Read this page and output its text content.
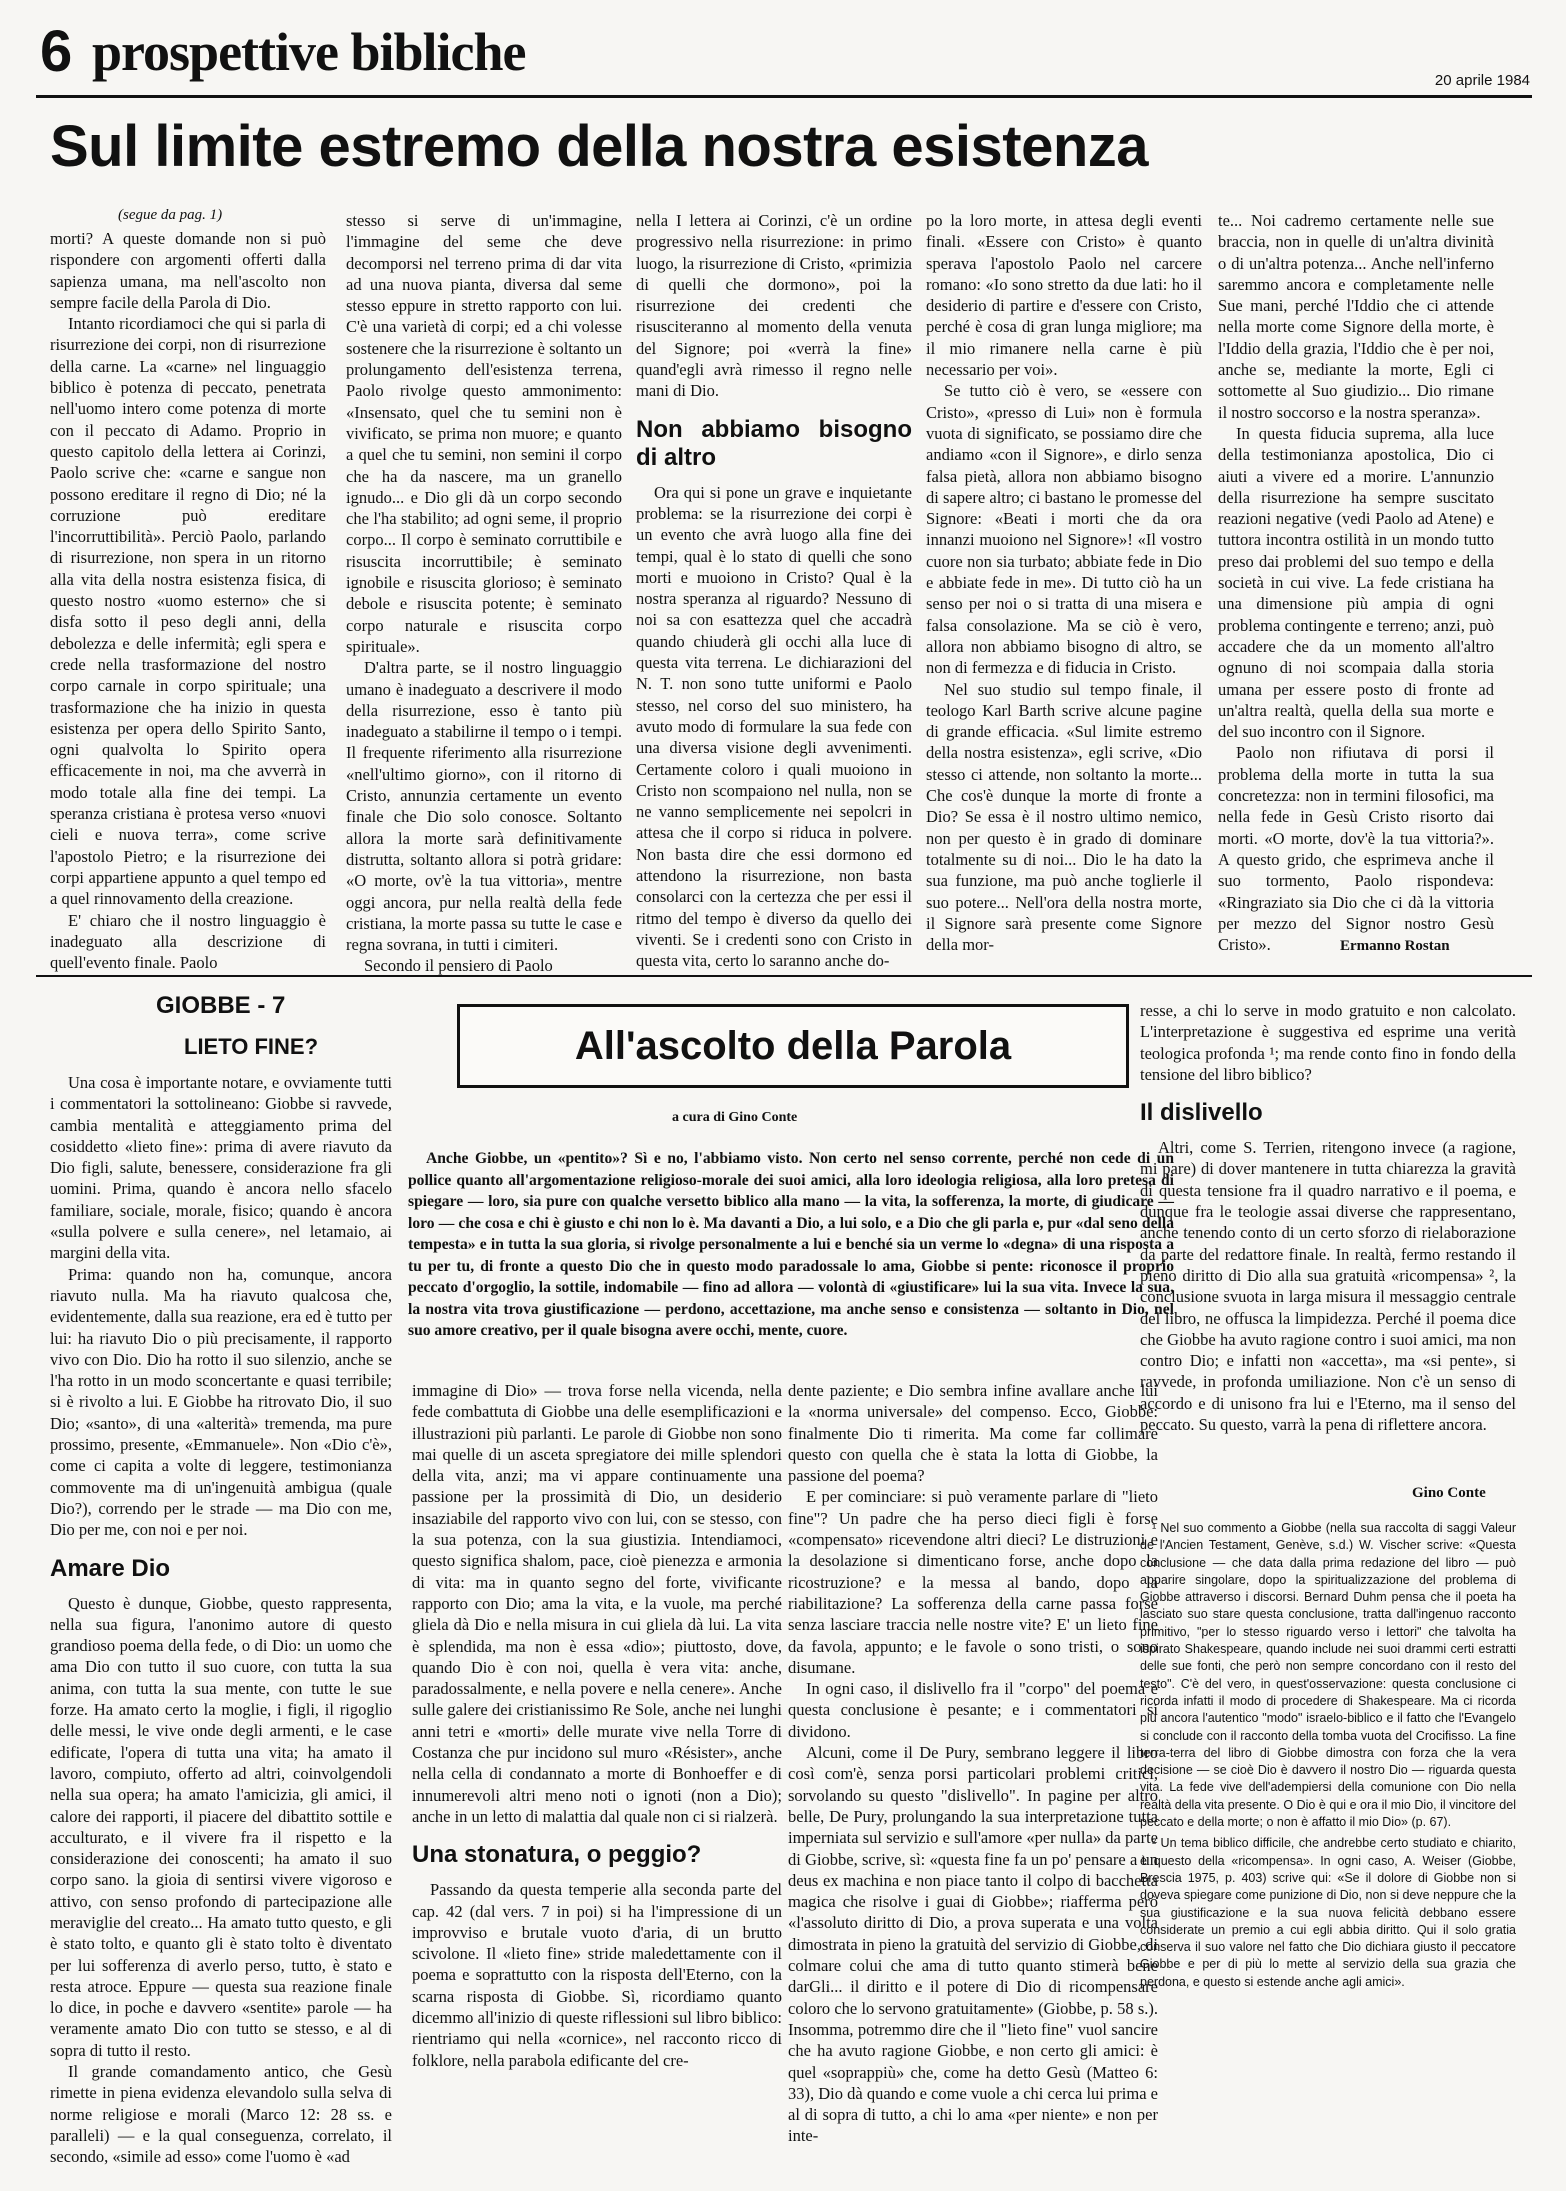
6 prospettive bibliche	20 aprile 1984
Sul limite estremo della nostra esistenza
(segue da pag. 1)

morti? A queste domande non si può rispondere con argomenti offerti dalla sapienza umana, ma nell'ascolto non sempre facile della Parola di Dio.

Intanto ricordiamoci che qui si parla di risurrezione dei corpi, non di risurrezione della carne. La «carne» nel linguaggio biblico è potenza di peccato, penetrata nell'uomo intero come potenza di morte con il peccato di Adamo. Proprio in questo capitolo della lettera ai Corinzi, Paolo scrive che: «carne e sangue non possono ereditare il regno di Dio; né la corruzione può ereditare l'incorruttibilità». Perciò Paolo, parlando di risurrezione, non spera in un ritorno alla vita della nostra esistenza fisica, di questo nostro «uomo esterno» che si disfa sotto il peso degli anni, della debolezza e delle infermità; egli spera e crede nella trasformazione del nostro corpo carnale in corpo spirituale; una trasformazione che ha inizio in questa esistenza per opera dello Spirito Santo, ogni qualvolta lo Spirito opera efficacemente in noi, ma che avverrà in modo totale alla fine dei tempi. La speranza cristiana è protesa verso «nuovi cieli e nuova terra», come scrive l'apostolo Pietro; e la risurrezione dei corpi appartiene appunto a quel tempo ed a quel rinnovamento della creazione.

E' chiaro che il nostro linguaggio è inadeguato alla descrizione di quell'evento finale. Paolo

stesso si serve di un'immagine, l'immagine del seme che deve decomporsi nel terreno prima di dar vita ad una nuova pianta, diversa dal seme stesso eppure in stretto rapporto con lui. C'è una varietà di corpi; ed a chi volesse sostenere che la risurrezione è soltanto un prolungamento dell'esistenza terrena, Paolo rivolge questo ammonimento: «Insensato, quel che tu semini non è vivificato, se prima non muore; e quanto a quel che tu semini, non semini il corpo che ha da nascere, ma un granello ignudo... e Dio gli dà un corpo secondo che l'ha stabilito; ad ogni seme, il proprio corpo... Il corpo è seminato corruttibile e risuscita incorruttibile; è seminato ignobile e risuscita glorioso; è seminato debole e risuscita potente; è seminato corpo naturale e risuscita corpo spirituale».

D'altra parte, se il nostro linguaggio umano è inadeguato a descrivere il modo della risurrezione, esso è tanto più inadeguato a stabilirne il tempo o i tempi. Il frequente riferimento alla risurrezione «nell'ultimo giorno», con il ritorno di Cristo, annunzia certamente un evento finale che Dio solo conosce. Soltanto allora la morte sarà definitivamente distrutta, soltanto allora si potrà gridare: «O morte, ov'è la tua vittoria», mentre oggi ancora, pur nella realtà della fede cristiana, la morte passa su tutte le case e regna sovrana, in tutti i cimiteri.

Secondo il pensiero di Paolo

nella I lettera ai Corinzi, c'è un ordine progressivo nella risurrezione: in primo luogo, la risurrezione di Cristo, «primizia di quelli che dormono», poi la risurrezione dei credenti che risusciteranno al momento della venuta del Signore; poi «verrà la fine» quand'egli avrà rimesso il regno nelle mani di Dio.

Non abbiamo bisogno di altro

Ora qui si pone un grave e inquietante problema: se la risurrezione dei corpi è un evento che avrà luogo alla fine dei tempi, qual è lo stato di quelli che sono morti e muoiono in Cristo? Qual è la nostra speranza al riguardo? Nessuno di noi sa con esattezza quel che accadrà quando chiuderà gli occhi alla luce di questa vita terrena. Le dichiarazioni del N. T. non sono tutte uniformi e Paolo stesso, nel corso del suo ministero, ha avuto modo di formulare la sua fede con una diversa visione degli avvenimenti. Certamente coloro i quali muoiono in Cristo non scompaiono nel nulla, non se ne vanno semplicemente nei sepolcri in attesa che il corpo si riduca in polvere. Non basta dire che essi dormono ed attendono la risurrezione, non basta consolarci con la certezza che per essi il ritmo del tempo è diverso da quello dei viventi. Se i credenti sono con Cristo in questa vita, certo lo saranno anche do-

po la loro morte, in attesa degli eventi finali. «Essere con Cristo» è quanto sperava l'apostolo Paolo nel carcere romano: «Io sono stretto da due lati: ho il desiderio di partire e d'essere con Cristo, perché è cosa di gran lunga migliore; ma il mio rimanere nella carne è più necessario per voi».

Se tutto ciò è vero, se «essere con Cristo», «presso di Lui» non è formula vuota di significato, se possiamo dire che andiamo «con il Signore», e dirlo senza falsa pietà, allora non abbiamo bisogno di sapere altro; ci bastano le promesse del Signore: «Beati i morti che da ora innanzi muoiono nel Signore»! «Il vostro cuore non sia turbato; abbiate fede in Dio e abbiate fede in me». Di tutto ciò ha un senso per noi o si tratta di una misera e falsa consolazione. Ma se ciò è vero, allora non abbiamo bisogno di altro, se non di fermezza e di fiducia in Cristo.

Nel suo studio sul tempo finale, il teologo Karl Barth scrive alcune pagine di grande efficacia. «Sul limite estremo della nostra esistenza», egli scrive, «Dio stesso ci attende, non soltanto la morte... Che cos'è dunque la morte di fronte a Dio? Se essa è il nostro ultimo nemico, non per questo è in grado di dominare totalmente su di noi... Dio le ha dato la sua funzione, ma può anche toglierle il suo potere... Nell'ora della nostra morte, il Signore sarà presente come Signore della mor-

te... Noi cadremo certamente nelle sue braccia, non in quelle di un'altra divinità o di un'altra potenza... Anche nell'inferno saremmo ancora e completamente nelle Sue mani, perché l'Iddio che ci attende nella morte come Signore della morte, è l'Iddio della grazia, l'Iddio che è per noi, anche se, mediante la morte, Egli ci sottomette al Suo giudizio... Dio rimane il nostro soccorso e la nostra speranza».

In questa fiducia suprema, alla luce della testimonianza apostolica, Dio ci aiuti a vivere ed a morire. L'annunzio della risurrezione ha sempre suscitato reazioni negative (vedi Paolo ad Atene) e tuttora incontra ostilità in un mondo tutto preso dai problemi del suo tempo e della società in cui vive. La fede cristiana ha una dimensione più ampia di ogni problema contingente e terreno; anzi, può accadere che da un momento all'altro ognuno di noi scompaia dalla storia umana per essere posto di fronte ad un'altra realtà, quella della sua morte e del suo incontro con il Signore.

Paolo non rifiutava di porsi il problema della morte in tutta la sua concretezza: non in termini filosofici, ma nella fede in Gesù Cristo risorto dai morti. «O morte, dov'è la tua vittoria?». A questo grido, che esprimeva anche il suo tormento, Paolo rispondeva: «Ringraziato sia Dio che ci dà la vittoria per mezzo del Signor nostro Gesù Cristo».	Ermanno Rostan
GIOBBE - 7
LIETO FINE?	All'ascolto della Parola
a cura di Gino Conte
Anche Giobbe, un «pentito»? Sì e no, l'abbiamo visto. Non certo nel senso corrente, perché non cede di un pollice quanto all'argomentazione religioso-morale dei suoi amici, alla loro ideologia religiosa, alla loro pretesa di spiegare — loro, sia pure con qualche versetto biblico alla mano — la vita, la sofferenza, la morte, di giudicare — loro — che cosa e chi è giusto e chi non lo è. Ma davanti a Dio, a lui solo, e a Dio che gli parla e, pur «dal seno della tempesta» e in tutta la sua gloria, si rivolge personalmente a lui e benché sia un verme lo «degna» di una risposta a tu per tu, di fronte a questo Dio che in questo modo paradossale lo ama, Giobbe si pente: riconosce il proprio peccato d'orgoglio, la sottile, indomabile — fino ad allora — volontà di «giustificare» lui la sua vita. Invece la sua, la nostra vita trova giustificazione — perdono, accettazione, ma anche senso e consistenza — soltanto in Dio, nel suo amore creativo, per il quale bisogna avere occhi, mente, cuore.

Una cosa è importante notare, e ovviamente tutti i commentatori la sottolineano: Giobbe si ravvede, cambia mentalità e atteggiamento prima del cosiddetto «lieto fine»: prima di avere riavuto da Dio figli, salute, benessere, considerazione fra gli uomini. Prima, quando è ancora nello sfacelo familiare, sociale, morale, fisico; quando è ancora «sulla polvere e sulla cenere», nel letamaio, ai margini della vita.

Prima: quando non ha, comunque, ancora riavuto nulla. Ma ha riavuto qualcosa che, evidentemente, dalla sua reazione, era ed è tutto per lui: ha riavuto Dio o più precisamente, il rapporto vivo con Dio. Dio ha rotto il suo silenzio, anche se l'ha rotto in un modo sconcertante e quasi terribile; si è rivolto a lui. E Giobbe ha ritrovato Dio, il suo Dio; «santo», di una «alterità» tremenda, ma pure prossimo, presente, «Emmanuele». Non «Dio c'è», come ci capita a volte di leggere, testimonianza commovente ma di un'ingenuità ambigua (quale Dio?), correndo per le strade — ma Dio con me, Dio per me, con noi e per noi.

Amare Dio

Questo è dunque, Giobbe, questo rappresenta, nella sua figura, l'anonimo autore di questo grandioso poema della fede, o di Dio: un uomo che ama Dio con tutto il suo cuore, con tutta la sua anima, con tutta la sua mente, con tutte le sue forze. Ha amato certo la moglie, i figli, il rigoglio delle messi, le vive onde degli armenti, e le case edificate, l'opera di tutta una vita; ha amato il lavoro, compiuto, offerto ad altri, coinvolgendoli nella sua opera; ha amato l'amicizia, gli amici, il calore dei rapporti, il piacere del dibattito sottile e acculturato, e il vivere fra il rispetto e la considerazione dei conoscenti; ha amato il suo corpo sano. la gioia di sentirsi vivere vigoroso e attivo, con senso profondo di partecipazione alle meraviglie del creato... Ha amato tutto questo, e gli è stato tolto, e quanto gli è stato tolto è diventato per lui sofferenza di averlo perso, tutto, è stato e resta atroce. Eppure — questa sua reazione finale lo dice, in poche e davvero «sentite» parole — ha veramente amato Dio con tutto se stesso, e al di sopra di tutto il resto.

Il grande comandamento antico, che Gesù rimette in piena evidenza elevandolo sulla selva di norme religiose e morali (Marco 12: 28 ss. e paralleli) — e la qual conseguenza, correlato, il secondo, «simile ad esso» come l'uomo è «ad

immagine di Dio» — trova forse nella vicenda, nella fede combattuta di Giobbe una delle esemplificazioni e illustrazioni più parlanti. Le parole di Giobbe non sono mai quelle di un asceta spregiatore dei mille splendori della vita, anzi; ma vi appare continuamente una passione per la prossimità di Dio, un desiderio insaziabile del rapporto vivo con lui, con se stesso, con la sua potenza, con la sua giustizia. Intendiamoci, questo significa shalom, pace, cioè pienezza e armonia di vita: ma in quanto segno del forte, vivificante rapporto con Dio; ama la vita, e la vuole, ma perché gliela dà Dio e nella misura in cui gliela dà lui. La vita è splendida, ma non è essa «dio»; piuttosto, dove, quando Dio è con noi, quella è vera vita: anche, paradossalmente, e nella povere e nella cenere». Anche sulle galere dei cristianissimo Re Sole, anche nei lunghi anni tetri e «morti» delle murate vive nella Torre di Costanza che pur incidono sul muro «Résister», anche nella cella di condannato a morte di Bonhoeffer e di innumerevoli altri meno noti o ignoti (non a Dio); anche in un letto di malattia dal quale non ci si rialzerà.

Una stonatura, o peggio?

Passando da questa temperie alla seconda parte del cap. 42 (dal vers. 7 in poi) si ha l'impressione di un improvviso e brutale vuoto d'aria, di un brutto scivolone. Il «lieto fine» stride maledettamente con il poema e soprattutto con la risposta dell'Eterno, con la scarna risposta di Giobbe. Sì, ricordiamo quanto dicemmo all'inizio di queste riflessioni sul libro biblico: rientriamo qui nella «cornice», nel racconto ricco di folklore, nella parabola edificante del cre-

dente paziente; e Dio sembra infine avallare anche lui la «norma universale» del compenso. Ecco, Giobbe: finalmente Dio ti rimerita. Ma come far collimare questo con quella che è stata la lotta di Giobbe, la passione del poema?

E per cominciare: si può veramente parlare di "lieto fine"? Un padre che ha perso dieci figli è forse «compensato» ricevendone altri dieci? Le distruzioni e la desolazione si dimenticano forse, anche dopo la ricostruzione? e la messa al bando, dopo la riabilitazione? La sofferenza della carne passa forse senza lasciare traccia nelle nostre vite? E' un lieto fine da favola, appunto; e le favole o sono tristi, o sono disumane.

In ogni caso, il dislivello fra il "corpo" del poema e questa conclusione è pesante; e i commentatori si dividono.

Alcuni, come il De Pury, sembrano leggere il libro così com'è, senza porsi particolari problemi critici, sorvolando su questo "dislivello". In pagine per altro belle, De Pury, prolungando la sua interpretazione tutta imperniata sul servizio e sull'amore «per nulla» da parte di Giobbe, scrive, sì: «questa fine fa un po' pensare a un deus ex machina e non piace tanto il colpo di bacchetta magica che risolve i guai di Giobbe»; riafferma però «l'assoluto diritto di Dio, a prova superata e una volta dimostrata in pieno la gratuità del servizio di Giobbe, di colmare colui che ama di tutto quanto stimerà bene darGli... il diritto e il potere di Dio di ricompensare coloro che lo servono gratuitamente» (Giobbe, p. 58 s.). Insomma, potremmo dire che il "lieto fine" vuol sancire che ha avuto ragione Giobbe, e non certo gli amici: è quel «soprappiù» che, come ha detto Gesù (Matteo 6: 33), Dio dà quando e come vuole a chi cerca lui prima e al di sopra di tutto, a chi lo ama «per niente» e non per inte-

resse, a chi lo serve in modo gratuito e non calcolato. L'interpretazione è suggestiva ed esprime una verità teologica profonda ¹; ma rende conto fino in fondo della tensione del libro biblico?

Il dislivello

Altri, come S. Terrien, ritengono invece (a ragione, mi pare) di dover mantenere in tutta chiarezza la gravità di questa tensione fra il quadro narrativo e il poema, e dunque fra le teologie assai diverse che rappresentano, anche tenendo conto di un certo sforzo di rielaborazione da parte del redattore finale. In realtà, fermo restando il pieno diritto di Dio alla sua gratuità «ricompensa» ², la conclusione svuota in larga misura il messaggio centrale del libro, ne offusca la limpidezza. Perché il poema dice che Giobbe ha avuto ragione contro i suoi amici, ma non contro Dio; e infatti non «accetta», ma «si pente», si ravvede, in profonda umiliazione. Non c'è un senso di accordo e di unisono fra lui e l'Eterno, ma il senso del peccato. Su questo, varrà la pena di riflettere ancora.

Gino Conte

¹ Nel suo commento a Giobbe (nella sua raccolta di saggi Valeur de l'Ancien Testament, Genève, s.d.) W. Vischer scrive: «Questa conclusione — che data dalla prima redazione del libro — può apparire singolare, dopo la spiritualizzazione del problema di Giobbe attraverso i discorsi. Bernard Duhm pensa che il poeta ha lasciato suo stare questa conclusione, tratta dall'ingenuo racconto primitivo, "per lo stesso riguardo verso i lettori" che talvolta ha ispirato Shakespeare, quando include nei suoi drammi certi estratti delle sue fonti, che però non sempre concordano con il resto del testo". C'è del vero, in quest'osservazione: questa conclusione ci ricorda infatti il modo di procedere di Shakespeare. Ma ci ricorda più ancora l'autentico "modo" israelo-biblico e il fatto che l'Evangelo si conclude con il racconto della tomba vuota del Crocifisso. La fine terra-terra del libro di Giobbe dimostra con forza che la vera decisione — se cioè Dio è davvero il nostro Dio — riguarda questa vita. La fede vive dell'adempiersi della comunione con Dio nella realtà della vita presente. O Dio è qui e ora il mio Dio, il vincitore del peccato e della morte; o non è affatto il mio Dio» (p. 67).

² Un tema biblico difficile, che andrebbe certo studiato e chiarito, è questo della «ricompensa». In ogni caso, A. Weiser (Giobbe, Brescia 1975, p. 403) scrive qui: «Se il dolore di Giobbe non si doveva spiegare come punizione di Dio, non si deve neppure che la sua giustificazione e la sua nuova felicità debbano essere considerate un premio a cui egli abbia diritto. Qui il solo gratia conserva il suo valore nel fatto che Dio dichiara giusto il peccatore Giobbe e per di più lo mette al servizio della sua grazia che perdona, e questo si estende anche agli amici».
